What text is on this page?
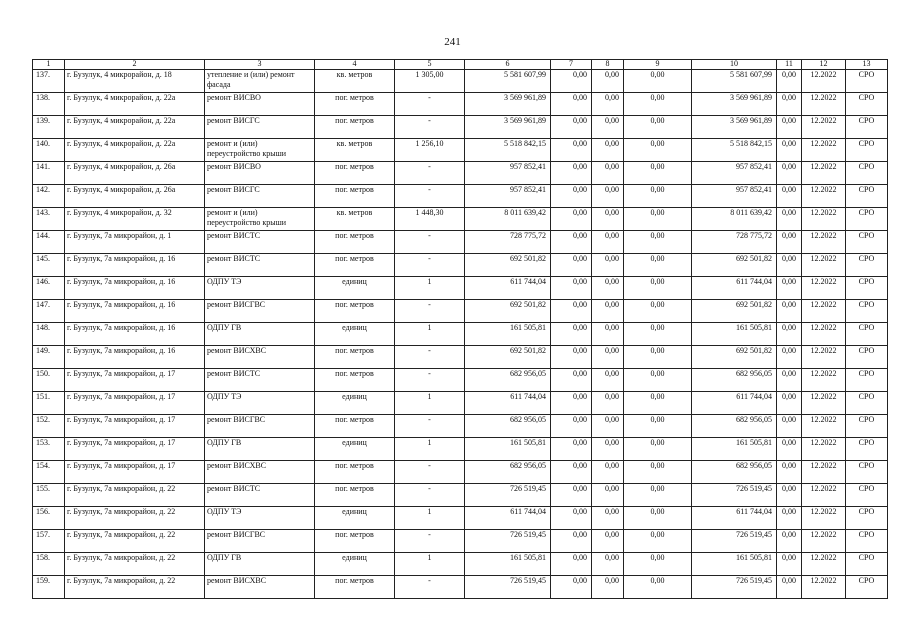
241
1	2	3	4	5	6	7	8	9	10	11	12	13
137.	г. Бузулук, 4 микрорайон, д. 18	утепление и (или) ремонт фасада	кв. метров	1 305,00	5 581 607,99	0,00	0,00	0,00	5 581 607,99	0,00	12.2022	СРО
138.	г. Бузулук, 4 микрорайон, д. 22а	ремонт ВИСВО	пог. метров	-	3 569 961,89	0,00	0,00	0,00	3 569 961,89	0,00	12.2022	СРО
139.	г. Бузулук, 4 микрорайон, д. 22а	ремонт ВИСГС	пог. метров	-	3 569 961,89	0,00	0,00	0,00	3 569 961,89	0,00	12.2022	СРО
140.	г. Бузулук, 4 микрорайон, д. 22а	ремонт и (или) переустройство крыши	кв. метров	1 256,10	5 518 842,15	0,00	0,00	0,00	5 518 842,15	0,00	12.2022	СРО
141.	г. Бузулук, 4 микрорайон, д. 26а	ремонт ВИСВО	пог. метров	-	957 852,41	0,00	0,00	0,00	957 852,41	0,00	12.2022	СРО
142.	г. Бузулук, 4 микрорайон, д. 26а	ремонт ВИСГС	пог. метров	-	957 852,41	0,00	0,00	0,00	957 852,41	0,00	12.2022	СРО
143.	г. Бузулук, 4 микрорайон, д. 32	ремонт и (или) переустройство крыши	кв. метров	1 448,30	8 011 639,42	0,00	0,00	0,00	8 011 639,42	0,00	12.2022	СРО
144.	г. Бузулук, 7а микрорайон, д. 1	ремонт ВИСТС	пог. метров	-	728 775,72	0,00	0,00	0,00	728 775,72	0,00	12.2022	СРО
145.	г. Бузулук, 7а микрорайон, д. 16	ремонт ВИСТС	пог. метров	-	692 501,82	0,00	0,00	0,00	692 501,82	0,00	12.2022	СРО
146.	г. Бузулук, 7а микрорайон, д. 16	ОДПУ ТЭ	единиц	1	611 744,04	0,00	0,00	0,00	611 744,04	0,00	12.2022	СРО
147.	г. Бузулук, 7а микрорайон, д. 16	ремонт ВИСГВС	пог. метров	-	692 501,82	0,00	0,00	0,00	692 501,82	0,00	12.2022	СРО
148.	г. Бузулук, 7а микрорайон, д. 16	ОДПУ ГВ	единиц	1	161 505,81	0,00	0,00	0,00	161 505,81	0,00	12.2022	СРО
149.	г. Бузулук, 7а микрорайон, д. 16	ремонт ВИСХВС	пог. метров	-	692 501,82	0,00	0,00	0,00	692 501,82	0,00	12.2022	СРО
150.	г. Бузулук, 7а микрорайон, д. 17	ремонт ВИСТС	пог. метров	-	682 956,05	0,00	0,00	0,00	682 956,05	0,00	12.2022	СРО
151.	г. Бузулук, 7а микрорайон, д. 17	ОДПУ ТЭ	единиц	1	611 744,04	0,00	0,00	0,00	611 744,04	0,00	12.2022	СРО
152.	г. Бузулук, 7а микрорайон, д. 17	ремонт ВИСГВС	пог. метров	-	682 956,05	0,00	0,00	0,00	682 956,05	0,00	12.2022	СРО
153.	г. Бузулук, 7а микрорайон, д. 17	ОДПУ ГВ	единиц	1	161 505,81	0,00	0,00	0,00	161 505,81	0,00	12.2022	СРО
154.	г. Бузулук, 7а микрорайон, д. 17	ремонт ВИСХВС	пог. метров	-	682 956,05	0,00	0,00	0,00	682 956,05	0,00	12.2022	СРО
155.	г. Бузулук, 7а микрорайон, д. 22	ремонт ВИСТС	пог. метров	-	726 519,45	0,00	0,00	0,00	726 519,45	0,00	12.2022	СРО
156.	г. Бузулук, 7а микрорайон, д. 22	ОДПУ ТЭ	единиц	1	611 744,04	0,00	0,00	0,00	611 744,04	0,00	12.2022	СРО
157.	г. Бузулук, 7а микрорайон, д. 22	ремонт ВИСГВС	пог. метров	-	726 519,45	0,00	0,00	0,00	726 519,45	0,00	12.2022	СРО
158.	г. Бузулук, 7а микрорайон, д. 22	ОДПУ ГВ	единиц	1	161 505,81	0,00	0,00	0,00	161 505,81	0,00	12.2022	СРО
159.	г. Бузулук, 7а микрорайон, д. 22	ремонт ВИСХВС	пог. метров	-	726 519,45	0,00	0,00	0,00	726 519,45	0,00	12.2022	СРО
